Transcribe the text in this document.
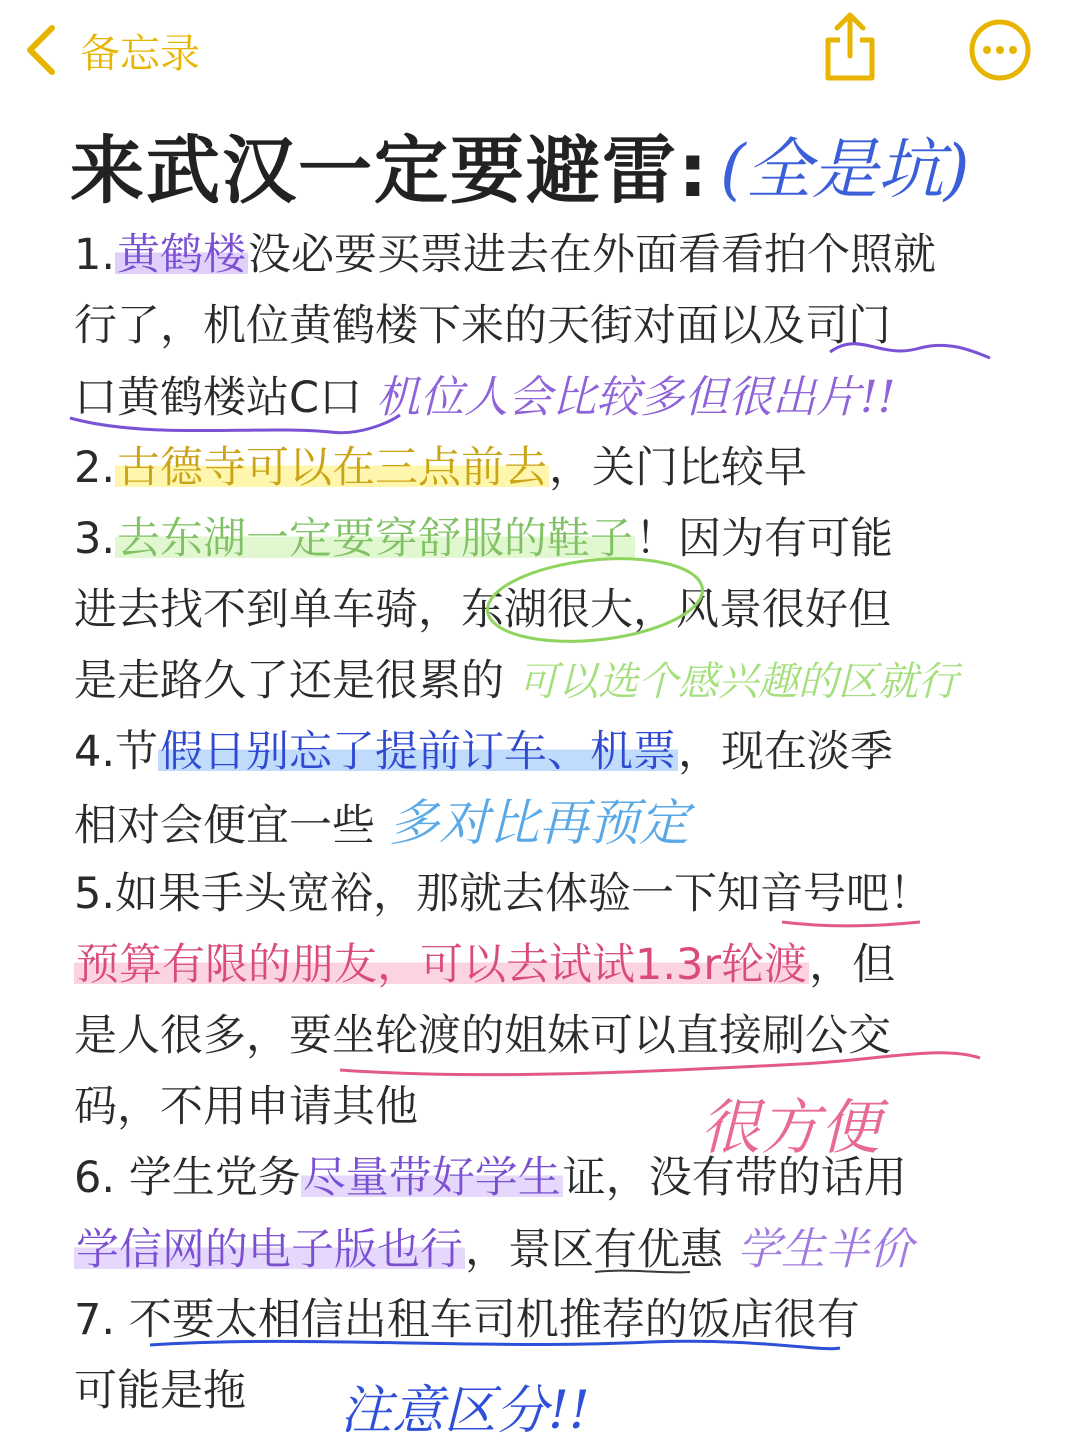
备忘录
来武汉一定要避雷: (全是坑)
1.黄鹤楼没必要买票进去在外面看看拍个照就
行了，机位黄鹤楼下来的天街对面以及司门
口黄鹤楼站C口 机位人会比较多但很出片!!
2.古德寺可以在三点前去，关门比较早
3.去东湖一定要穿舒服的鞋子！因为有可能
进去找不到单车骑，东湖很大，风景很好但
是走路久了还是很累的 可以选个感兴趣的区就行
4.节假日别忘了提前订车、机票，现在淡季
相对会便宜一些 多对比再预定
5.如果手头宽裕，那就去体验一下知音号吧！
预算有限的朋友，可以去试试1.3r轮渡，但
是人很多，要坐轮渡的姐妹可以直接刷公交
码，不用申请其他
6. 学生党务尽量带好学生证，没有带的话用
学信网的电子版也行，景区有优惠 学生半价
7. 不要太相信出租车司机推荐的饭店很有
可能是拖
很方便
注意区分!!
